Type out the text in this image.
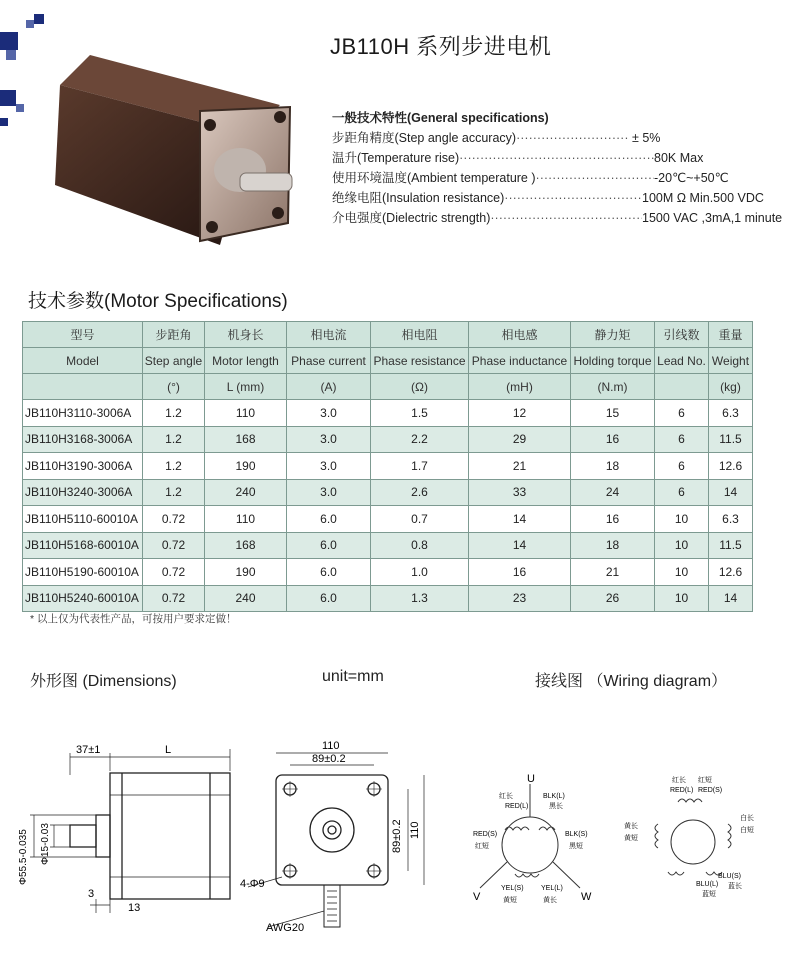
JB110H 系列步进电机
一般技术特性(General specifications)
步距角精度(Step angle accuracy) ·····	± 5%
温升(Temperature rise) ·····	80K Max
使用环境温度(Ambient temperature ) ·····	-20℃~+50℃
绝缘电阻(Insulation resistance) ·····	100M Ω Min.500 VDC
介电强度(Dielectric strength) ·····	1500 VAC ,3mA,1 minute
技术参数(Motor Specifications)
型号	步距角	机身长	相电流	相电阻	相电感	静力矩	引线数	重量
Model	Step angle	Motor length	Phase current	Phase resistance	Phase inductance	Holding torque	Lead No.	Weight
	(°)	L (mm)	(A)	(Ω)	(mH)	(N.m)		(kg)
JB110H3110-3006A	1.2	110	3.0	1.5	12	15	6	6.3
JB110H3168-3006A	1.2	168	3.0	2.2	29	16	6	11.5
JB110H3190-3006A	1.2	190	3.0	1.7	21	18	6	12.6
JB110H3240-3006A	1.2	240	3.0	2.6	33	24	6	14
JB110H5110-60010A	0.72	110	6.0	0.7	14	16	10	6.3
JB110H5168-60010A	0.72	168	6.0	0.8	14	18	10	11.5
JB110H5190-60010A	0.72	190	6.0	1.0	16	21	10	12.6
JB110H5240-60010A	0.72	240	6.0	1.3	23	26	10	14
* 以上仅为代表性产品，可按用户要求定做！
外形图 (Dimensions)	unit=mm	接线图 （Wiring diagram）
37±1	L
Φ55.5-0.035 Φ15-0.03
3
13
110
89±0.2
89±0.2 110
4-Φ9
AWG20
U
V	W
红长
RED(L)
BLK(L)
黑长
RED(S)
红短
BLK(S)
黑短
YEL(S)
黄短
YEL(L)
黄长
红长 红短
RED(L) RED(S)
白长
白短
黄长
黄短
蓝短
蓝长
BLU(L)
BLU(S)
